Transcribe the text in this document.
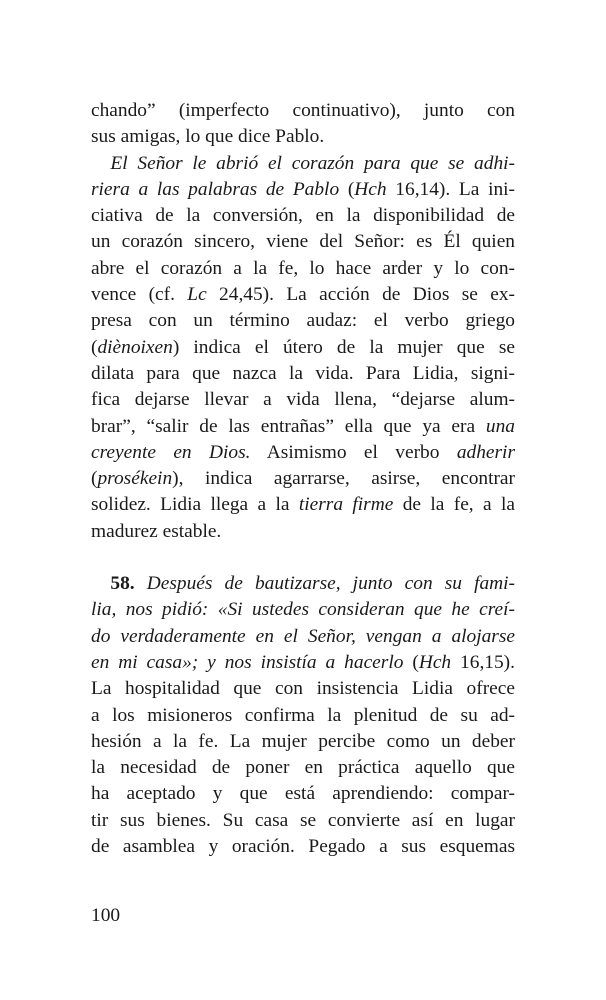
chando” (imperfecto continuativo), junto con
sus amigas, lo que dice Pablo.
 El Señor le abrió el corazón para que se adhi-
riera a las palabras de Pablo (Hch 16,14). La ini-
ciativa de la conversión, en la disponibilidad de
un corazón sincero, viene del Señor: es Él quien
abre el corazón a la fe, lo hace arder y lo con-
vence (cf. Lc 24,45). La acción de Dios se ex-
presa con un término audaz: el verbo griego
(diènoixen) indica el útero de la mujer que se
dilata para que nazca la vida. Para Lidia, signi-
fica dejarse llevar a vida llena, “dejarse alum-
brar”, “salir de las entrañas” ella que ya era una
creyente en Dios. Asimismo el verbo adherir
(prosékein), indica agarrarse, asirse, encontrar
solidez. Lidia llega a la tierra firme de la fe, a la
madurez estable.
 58. Después de bautizarse, junto con su fami-
lia, nos pidió: «Si ustedes consideran que he creí-
do verdaderamente en el Señor, vengan a alojarse
en mi casa»; y nos insistía a hacerlo (Hch 16,15).
La hospitalidad que con insistencia Lidia ofrece
a los misioneros confirma la plenitud de su ad-
hesión a la fe. La mujer percibe como un deber
la necesidad de poner en práctica aquello que
ha aceptado y que está aprendiendo: compar-
tir sus bienes. Su casa se convierte así en lugar
de asamblea y oración. Pegado a sus esquemas
100
